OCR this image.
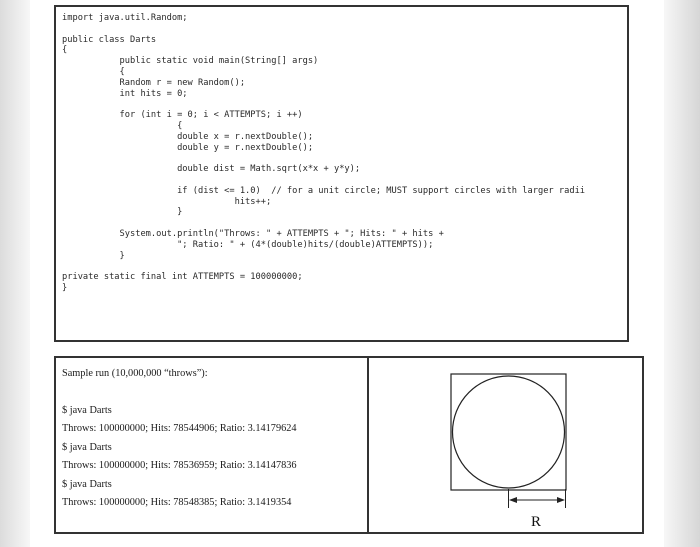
import java.util.Random;

public class Darts
{
public static void main(String[] args)
{
Random r = new Random();
int hits = 0;

for (int i = 0; i < ATTEMPTS; i ++)
{
double x = r.nextDouble();
double y = r.nextDouble();

double dist = Math.sqrt(x*x + y*y);

if (dist <= 1.0)  // for a unit circle; MUST support circles with larger radii
hits++;
}

System.out.println("Throws: " + ATTEMPTS + "; Hits: " + hits +
"; Ratio: " + (4*(double)hits/(double)ATTEMPTS));
}

private static final int ATTEMPTS = 100000000;
}
Sample run (10,000,000 “throws”):
$ java Darts
Throws: 100000000; Hits: 78544906; Ratio: 3.14179624
$ java Darts
Throws: 100000000; Hits: 78536959; Ratio: 3.14147836
$ java Darts
Throws: 100000000; Hits: 78548385; Ratio: 3.1419354
R
